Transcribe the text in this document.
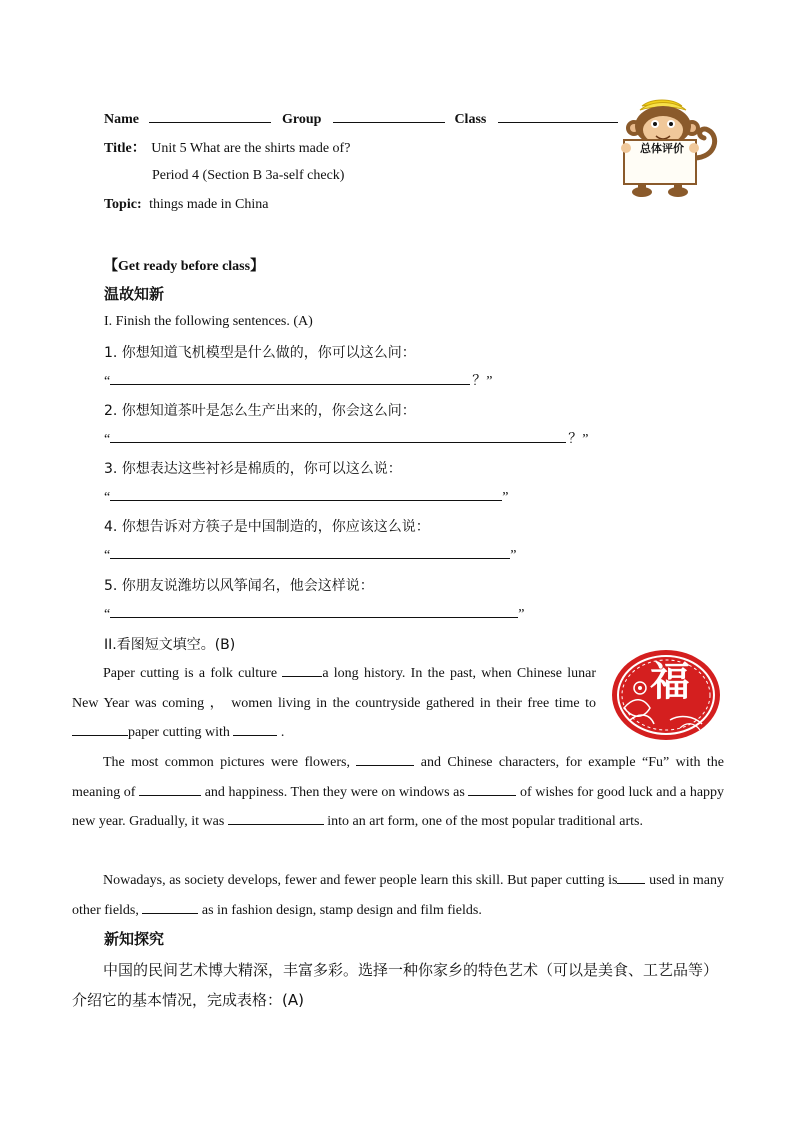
Name	Group	Class
Title： Unit 5 What are the shirts made of?
Period 4 (Section B 3a-self check)
Topic: things made in China
总体评价
【Get ready before class】
温故知新
I. Finish the following sentences. (A)
1. 你想知道飞机模型是什么做的，你可以这么问：
“	？”
2. 你想知道茶叶是怎么生产出来的，你会这么问：
“	？”
3. 你想表达这些衬衫是棉质的，你可以这么说：
“	”
4. 你想告诉对方筷子是中国制造的，你应该这么说：
“	”
5. 你朋友说潍坊以风筝闻名，他会这样说：
“	”
II.看图短文填空。(B)
福
Paper cutting is a folk culture	a long history. In the past, when Chinese lunar New Year was coming ， women living in the countryside gathered in their free time to paper cutting with	.
The most common pictures were flowers,	and Chinese characters, for example “Fu” with the meaning of	and happiness. Then they were on windows as	of wishes for good luck and a happy new year. Gradually, it was	into an art form, one of the most popular traditional arts.
Nowadays, as society develops, fewer and fewer people learn this skill. But paper cutting is used in many other fields,	as in fashion design, stamp design and film fields.
新知探究
中国的民间艺术博大精深，丰富多彩。选择一种你家乡的特色艺术（可以是美食、工艺品等）介绍它的基本情况，完成表格：(A)
